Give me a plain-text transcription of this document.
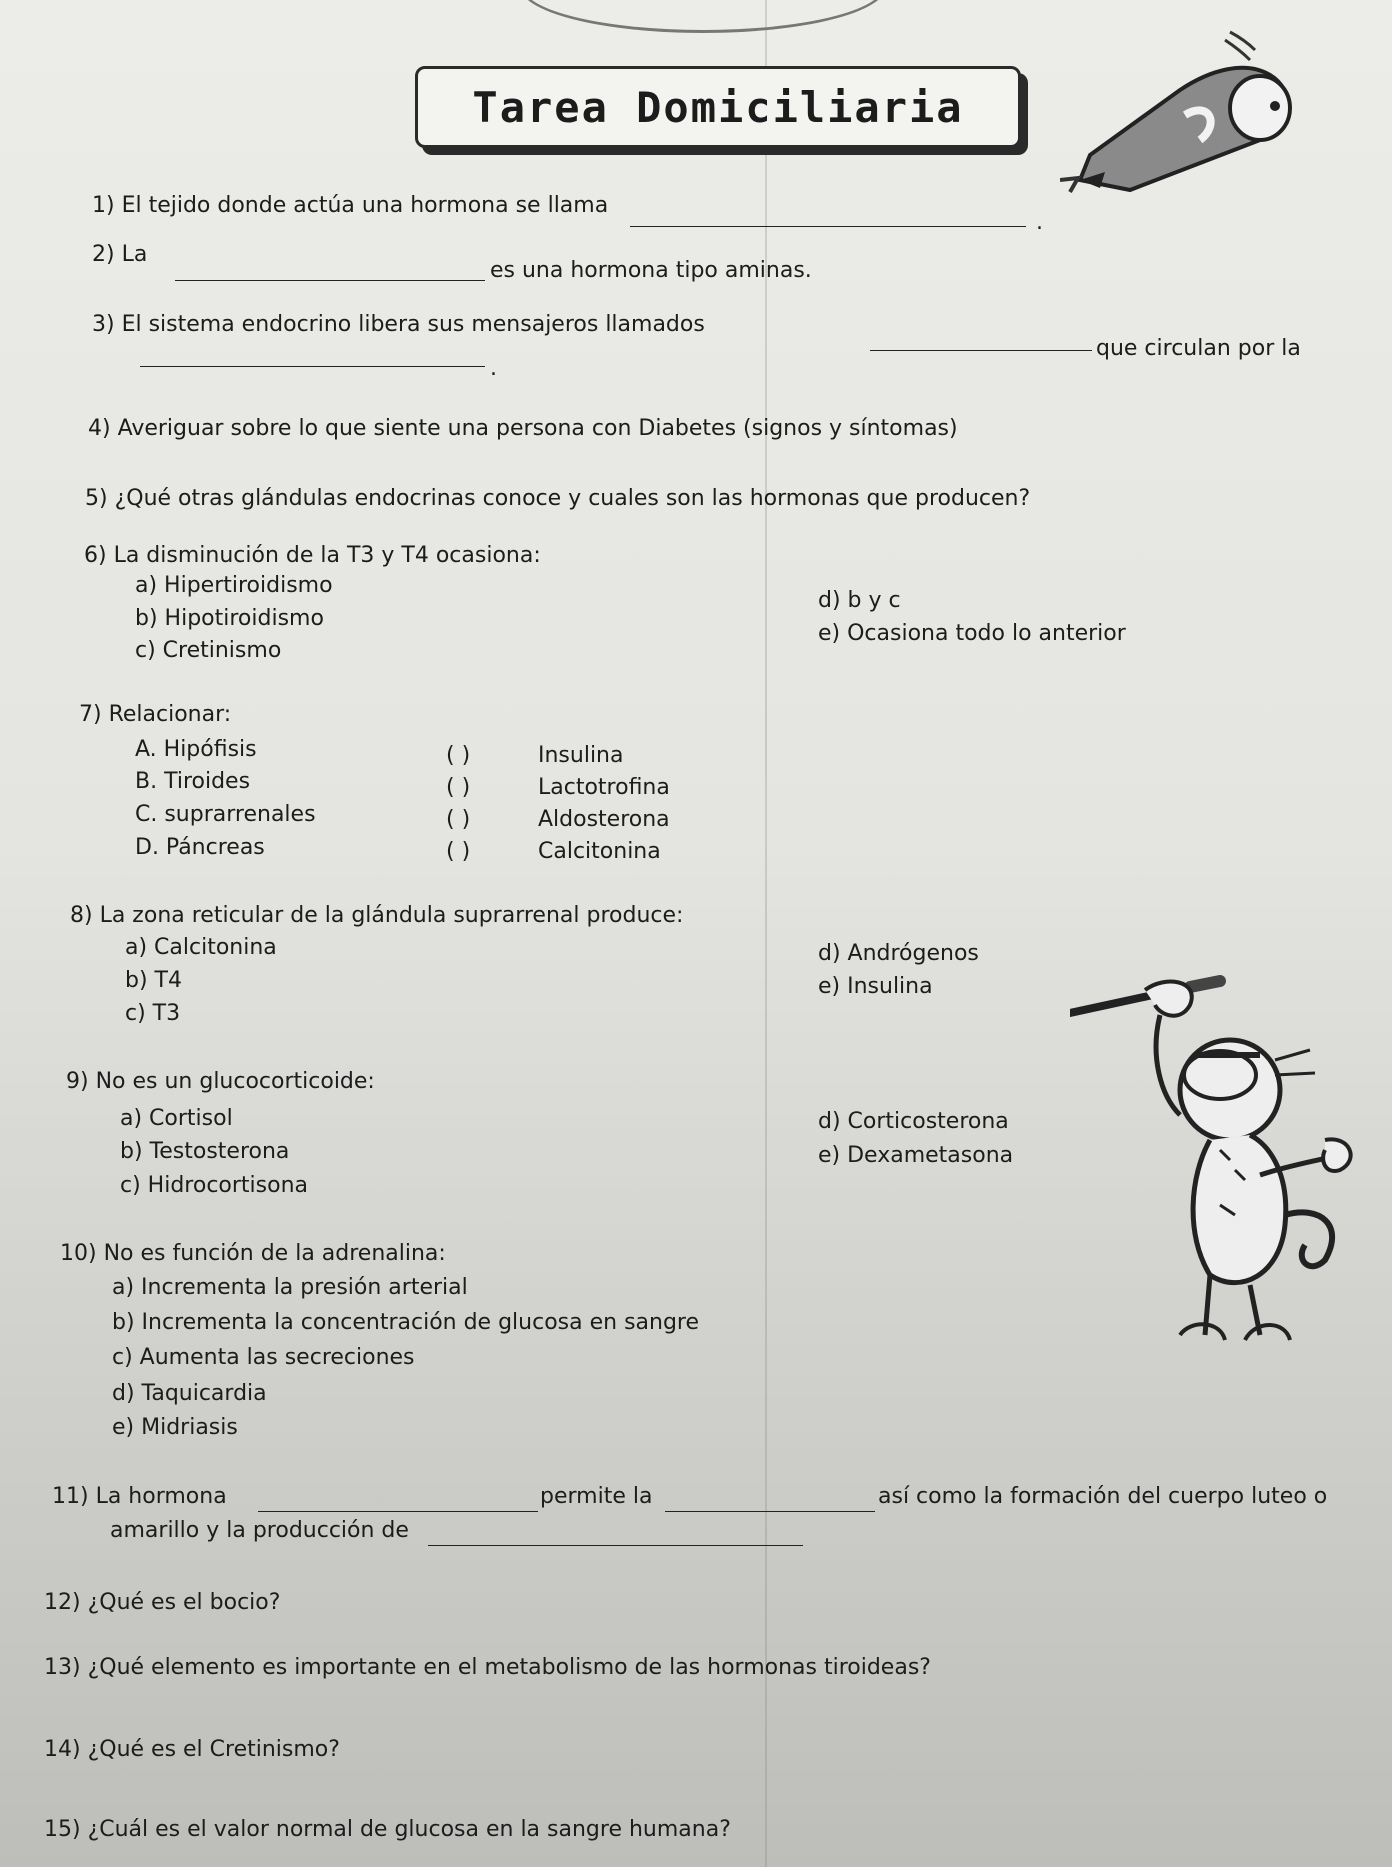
Tarea Domiciliaria
1) El tejido donde actúa una hormona se llama
.
2) La
es una hormona tipo aminas.
3) El sistema endocrino libera sus mensajeros llamados
que circulan por la
.
4) Averiguar sobre lo que siente una persona con Diabetes (signos y síntomas)
5) ¿Qué otras glándulas endocrinas conoce y cuales son las hormonas que producen?
6) La disminución de la T3 y T4 ocasiona:
a) Hipertiroidismo
b) Hipotiroidismo
c) Cretinismo
d) b y c
e) Ocasiona todo lo anterior
7) Relacionar:
A. Hipófisis
B. Tiroides
C. suprarrenales
D. Páncreas
( )
( )
( )
( )
Insulina
Lactotrofina
Aldosterona
Calcitonina
8) La zona reticular de la glándula suprarrenal produce:
a) Calcitonina
b) T4
c) T3
d) Andrógenos
e) Insulina
9) No es un glucocorticoide:
a) Cortisol
b) Testosterona
c) Hidrocortisona
d) Corticosterona
e) Dexametasona
10) No es función de la adrenalina:
a) Incrementa la presión arterial
b) Incrementa la concentración de glucosa en sangre
c) Aumenta las secreciones
d) Taquicardia
e) Midriasis
11) La hormona	permite la	así como la formación del cuerpo luteo o
amarillo y la producción de
12) ¿Qué es el bocio?
13) ¿Qué elemento es importante en el metabolismo de las hormonas tiroideas?
14) ¿Qué es el Cretinismo?
15) ¿Cuál es el valor normal de glucosa en la sangre humana?
